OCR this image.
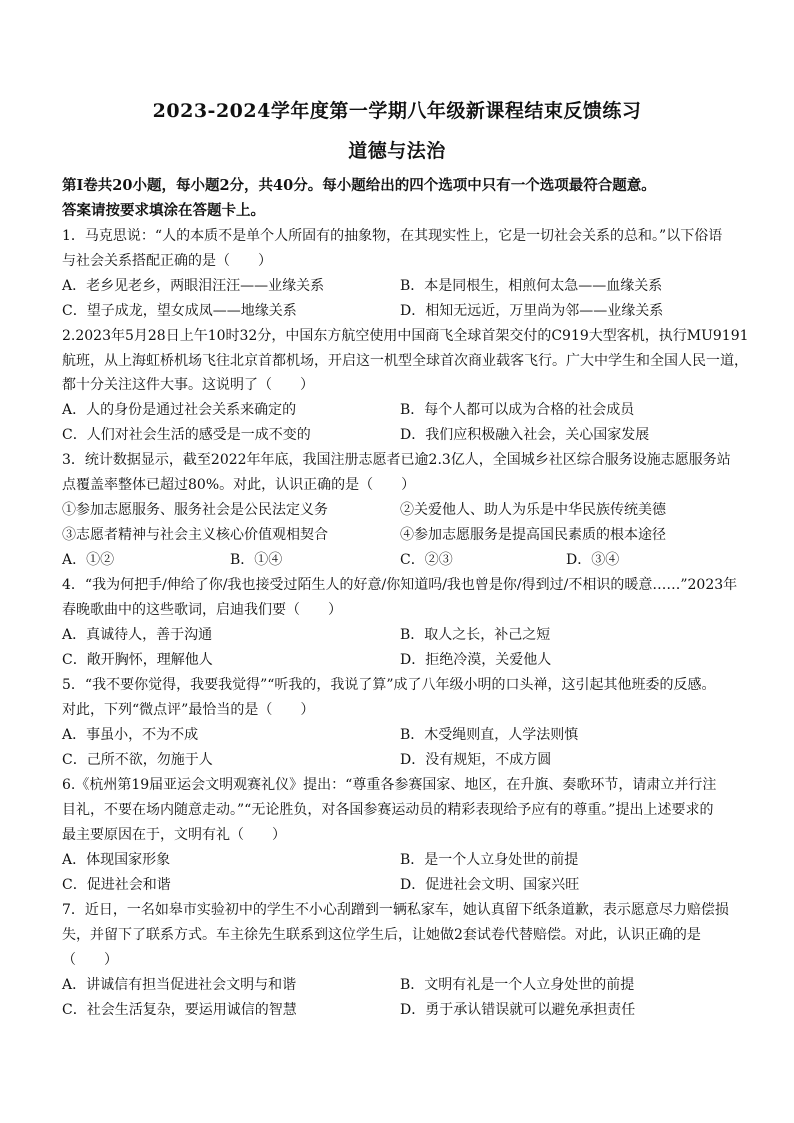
2023-2024学年度第一学期八年级新课程结束反馈练习
道德与法治
第Ⅰ卷共20小题，每小题2分，共40分。每小题给出的四个选项中只有一个选项最符合题意。
答案请按要求填涂在答题卡上。
1．马克思说：“人的本质不是单个人所固有的抽象物，在其现实性上，它是一切社会关系的总和。”以下俗语
与社会关系搭配正确的是（　　）
A．老乡见老乡，两眼泪汪汪——业缘关系	B．本是同根生，相煎何太急——血缘关系
C．望子成龙，望女成凤——地缘关系	D．相知无远近，万里尚为邻——业缘关系
2.2023年5月28日上午10时32分，中国东方航空使用中国商飞全球首架交付的C919大型客机，执行MU9191
航班，从上海虹桥机场飞往北京首都机场，开启这一机型全球首次商业载客飞行。广大中学生和全国人民一道，
都十分关注这件大事。这说明了（　　）
A．人的身份是通过社会关系来确定的	B．每个人都可以成为合格的社会成员
C．人们对社会生活的感受是一成不变的	D．我们应积极融入社会，关心国家发展
3．统计数据显示，截至2022年年底，我国注册志愿者已逾2.3亿人，全国城乡社区综合服务设施志愿服务站
点覆盖率整体已超过80%。对此，认识正确的是（　　）
①参加志愿服务、服务社会是公民法定义务	②关爱他人、助人为乐是中华民族传统美德
③志愿者精神与社会主义核心价值观相契合	④参加志愿服务是提高国民素质的根本途径
A．①②	B．①④	C．②③	D．③④
4．“我为何把手/伸给了你/我也接受过陌生人的好意/你知道吗/我也曾是你/得到过/不相识的暖意……”2023年
春晚歌曲中的这些歌词，启迪我们要（　　）
A．真诚待人，善于沟通	B．取人之长，补己之短
C．敞开胸怀，理解他人	D．拒绝冷漠，关爱他人
5．“我不要你觉得，我要我觉得”“听我的，我说了算”成了八年级小明的口头禅，这引起其他班委的反感。
对此，下列“微点评”最恰当的是（　　）
A．事虽小，不为不成	B．木受绳则直，人学法则慎
C．己所不欲，勿施于人	D．没有规矩，不成方圆
6.《杭州第19届亚运会文明观赛礼仪》提出：“尊重各参赛国家、地区，在升旗、奏歌环节，请肃立并行注
目礼，不要在场内随意走动。”“无论胜负，对各国参赛运动员的精彩表现给予应有的尊重。”提出上述要求的
最主要原因在于，文明有礼（　　）
A．体现国家形象	B．是一个人立身处世的前提
C．促进社会和谐	D．促进社会文明、国家兴旺
7．近日，一名如皋市实验初中的学生不小心刮蹭到一辆私家车，她认真留下纸条道歉，表示愿意尽力赔偿损
失，并留下了联系方式。车主徐先生联系到这位学生后，让她做2套试卷代替赔偿。对此，认识正确的是
（　　）
A．讲诚信有担当促进社会文明与和谐	B．文明有礼是一个人立身处世的前提
C．社会生活复杂，要运用诚信的智慧	D．勇于承认错误就可以避免承担责任
